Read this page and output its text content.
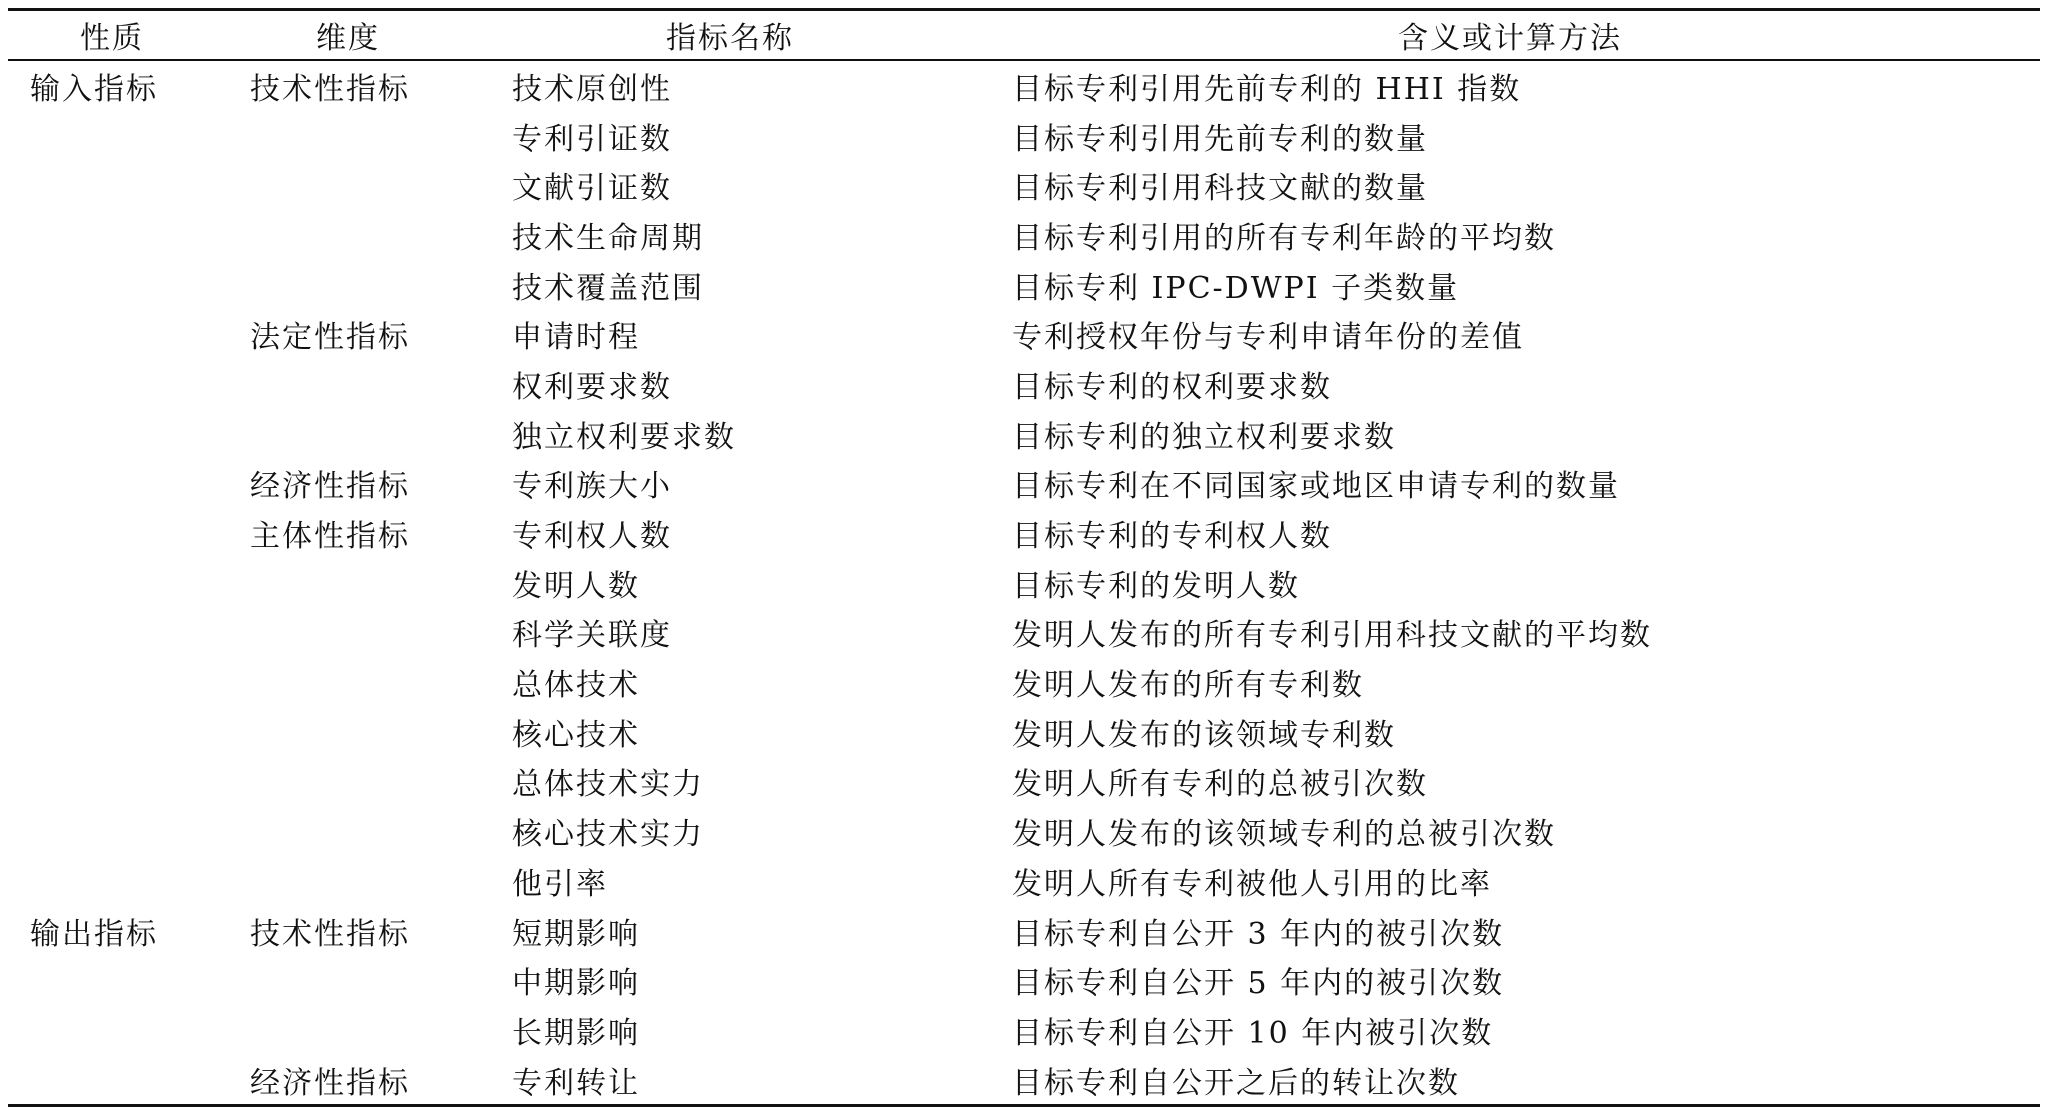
性质	维度	指标名称	含义或计算方法
输入指标	技术性指标	技术原创性	目标专利引用先前专利的 HHI 指数
		专利引证数	目标专利引用先前专利的数量
		文献引证数	目标专利引用科技文献的数量
		技术生命周期	目标专利引用的所有专利年龄的平均数
		技术覆盖范围	目标专利 IPC-DWPI 子类数量
	法定性指标	申请时程	专利授权年份与专利申请年份的差值
		权利要求数	目标专利的权利要求数
		独立权利要求数	目标专利的独立权利要求数
	经济性指标	专利族大小	目标专利在不同国家或地区申请专利的数量
	主体性指标	专利权人数	目标专利的专利权人数
		发明人数	目标专利的发明人数
		科学关联度	发明人发布的所有专利引用科技文献的平均数
		总体技术	发明人发布的所有专利数
		核心技术	发明人发布的该领域专利数
		总体技术实力	发明人所有专利的总被引次数
		核心技术实力	发明人发布的该领域专利的总被引次数
		他引率	发明人所有专利被他人引用的比率
输出指标	技术性指标	短期影响	目标专利自公开 3 年内的被引次数
		中期影响	目标专利自公开 5 年内的被引次数
		长期影响	目标专利自公开 10 年内被引次数
	经济性指标	专利转让	目标专利自公开之后的转让次数
